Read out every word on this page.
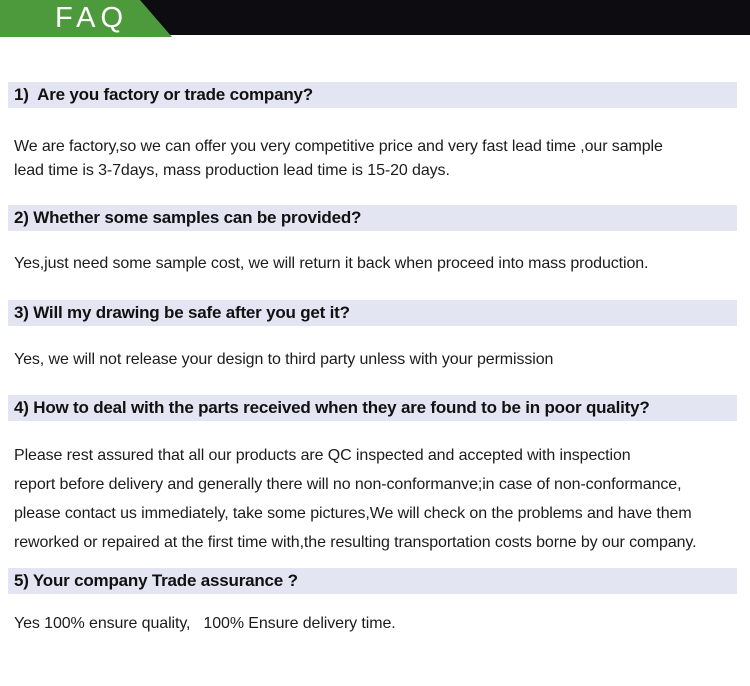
FAQ
1)  Are you factory or trade company?
We are factory,so we can offer you very competitive price and very fast lead time ,our sample
lead time is 3-7days, mass production lead time is 15-20 days.
2) Whether some samples can be provided?
Yes,just need some sample cost, we will return it back when proceed into mass production.
3) Will my drawing be safe after you get it?
Yes, we will not release your design to third party unless with your permission
4) How to deal with the parts received when they are found to be in poor quality?
Please rest assured that all our products are QC inspected and accepted with inspection
report before delivery and generally there will no non-conformanve;in case of non-conformance,
please contact us immediately, take some pictures,We will check on the problems and have them
reworked or repaired at the first time with,the resulting transportation costs borne by our company.
5) Your company Trade assurance ?
Yes 100% ensure quality,   100% Ensure delivery time.
